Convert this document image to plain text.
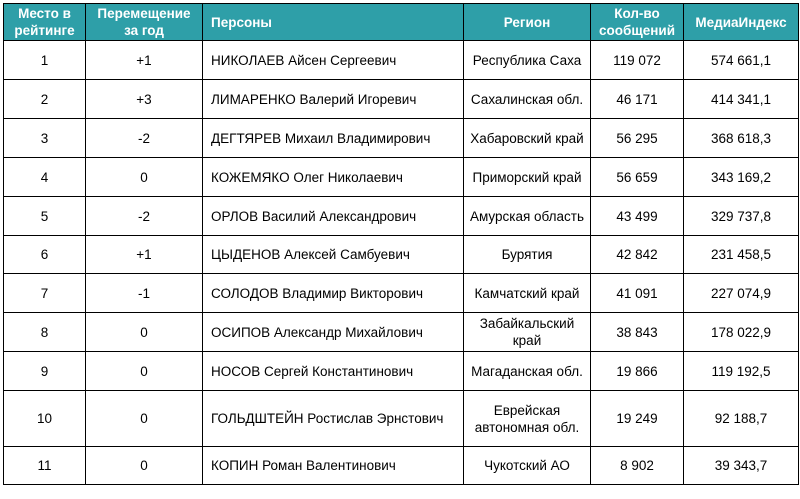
Место в рейтинге	Перемещение за год	Персоны	Регион	Кол-во сообщений	МедиаИндекс
1	+1	НИКОЛАЕВ Айсен Сергеевич	Республика Саха	119 072	574 661,1
2	+3	ЛИМАРЕНКО Валерий Игоревич	Сахалинская обл.	46 171	414 341,1
3	-2	ДЕГТЯРЕВ Михаил Владимирович	Хабаровский край	56 295	368 618,3
4	0	КОЖЕМЯКО Олег Николаевич	Приморский край	56 659	343 169,2
5	-2	ОРЛОВ Василий Александрович	Амурская область	43 499	329 737,8
6	+1	ЦЫДЕНОВ Алексей Самбуевич	Бурятия	42 842	231 458,5
7	-1	СОЛОДОВ Владимир Викторович	Камчатский край	41 091	227 074,9
8	0	ОСИПОВ Александр Михайлович	Забайкальский край	38 843	178 022,9
9	0	НОСОВ Сергей Константинович	Магаданская обл.	19 866	119 192,5
10	0	ГОЛЬДШТЕЙН Ростислав Эрнстович	Еврейская автономная обл.	19 249	92 188,7
11	0	КОПИН Роман Валентинович	Чукотский АО	8 902	39 343,7
